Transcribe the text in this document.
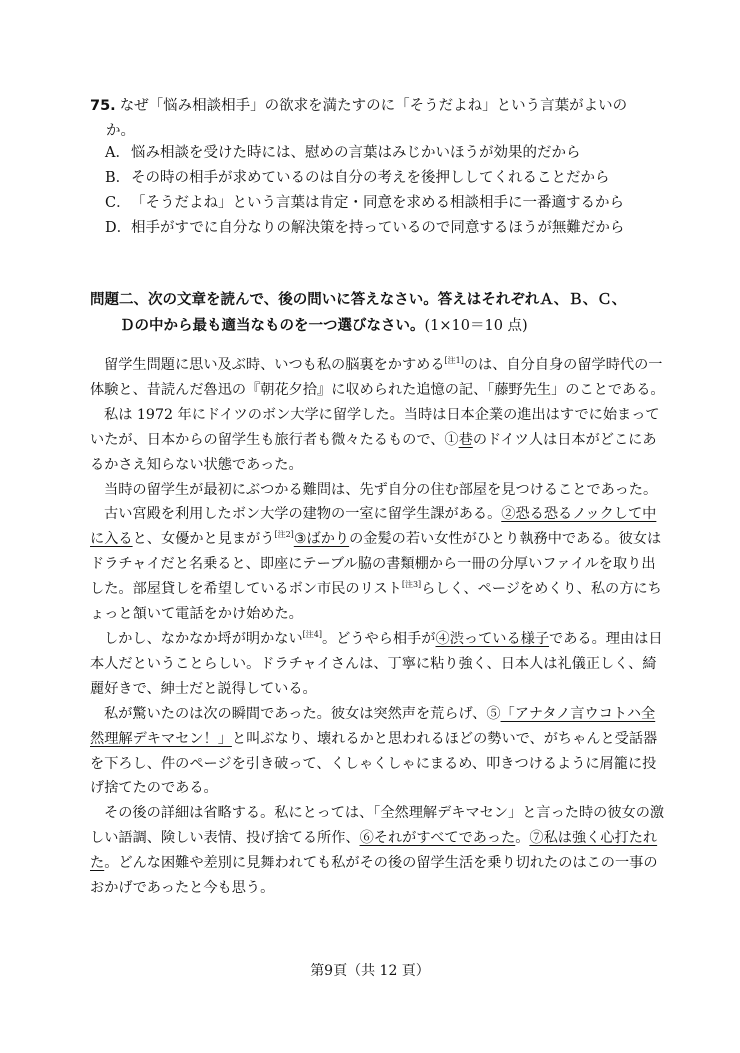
75. なぜ「悩み相談相手」の欲求を満たすのに「そうだよね」という言葉がよいの
か。
A．悩み相談を受けた時には、慰めの言葉はみじかいほうが効果的だから
B．その時の相手が求めているのは自分の考えを後押ししてくれることだから
C．「そうだよね」という言葉は肯定・同意を求める相談相手に一番適するから
D．相手がすでに自分なりの解決策を持っているので同意するほうが無難だから
問題二、次の文章を読んで、後の問いに答えなさい。答えはそれぞれＡ、Ｂ、Ｃ、
Ｄの中から最も適当なものを一つ選びなさい。(1×10＝10 点)

留学生問題に思い及ぶ時、いつも私の脳裏をかすめる[注1]のは、自分自身の留学時代の一体験と、昔読んだ魯迅の『朝花夕拾』に収められた追憶の記、「藤野先生」のことである。

私は 1972 年にドイツのボン大学に留学した。当時は日本企業の進出はすでに始まっていたが、日本からの留学生も旅行者も微々たるもので、①巷のドイツ人は日本がどこにあるかさえ知らない状態であった。

当時の留学生が最初にぶつかる難問は、先ず自分の住む部屋を見つけることであった。

古い宮殿を利用したボン大学の建物の一室に留学生課がある。②恐る恐るノックして中に入ると、女優かと見まがう[注2]③ばかりの金髪の若い女性がひとり執務中である。彼女はドラチャイだと名乗ると、即座にテーブル脇の書類棚から一冊の分厚いファイルを取り出した。部屋貸しを希望しているボン市民のリスト[注3]らしく、ページをめくり、私の方にちょっと頷いて電話をかけ始めた。

しかし、なかなか埒が明かない[注4]。どうやら相手が④渋っている様子である。理由は日本人だということらしい。ドラチャイさんは、丁寧に粘り強く、日本人は礼儀正しく、綺麗好きで、紳士だと説得している。

私が驚いたのは次の瞬間であった。彼女は突然声を荒らげ、⑤「アナタノ言ウコトハ全然理解デキマセン！」と叫ぶなり、壊れるかと思われるほどの勢いで、がちゃんと受話器を下ろし、件のページを引き破って、くしゃくしゃにまるめ、叩きつけるように屑籠に投げ捨てたのである。

その後の詳細は省略する。私にとっては、「全然理解デキマセン」と言った時の彼女の激しい語調、険しい表情、投げ捨てる所作、⑥それがすべてであった。⑦私は強く心打たれた。どんな困難や差別に見舞われても私がその後の留学生活を乗り切れたのはこの一事のおかげであったと今も思う。

第9頁（共 12 頁）
